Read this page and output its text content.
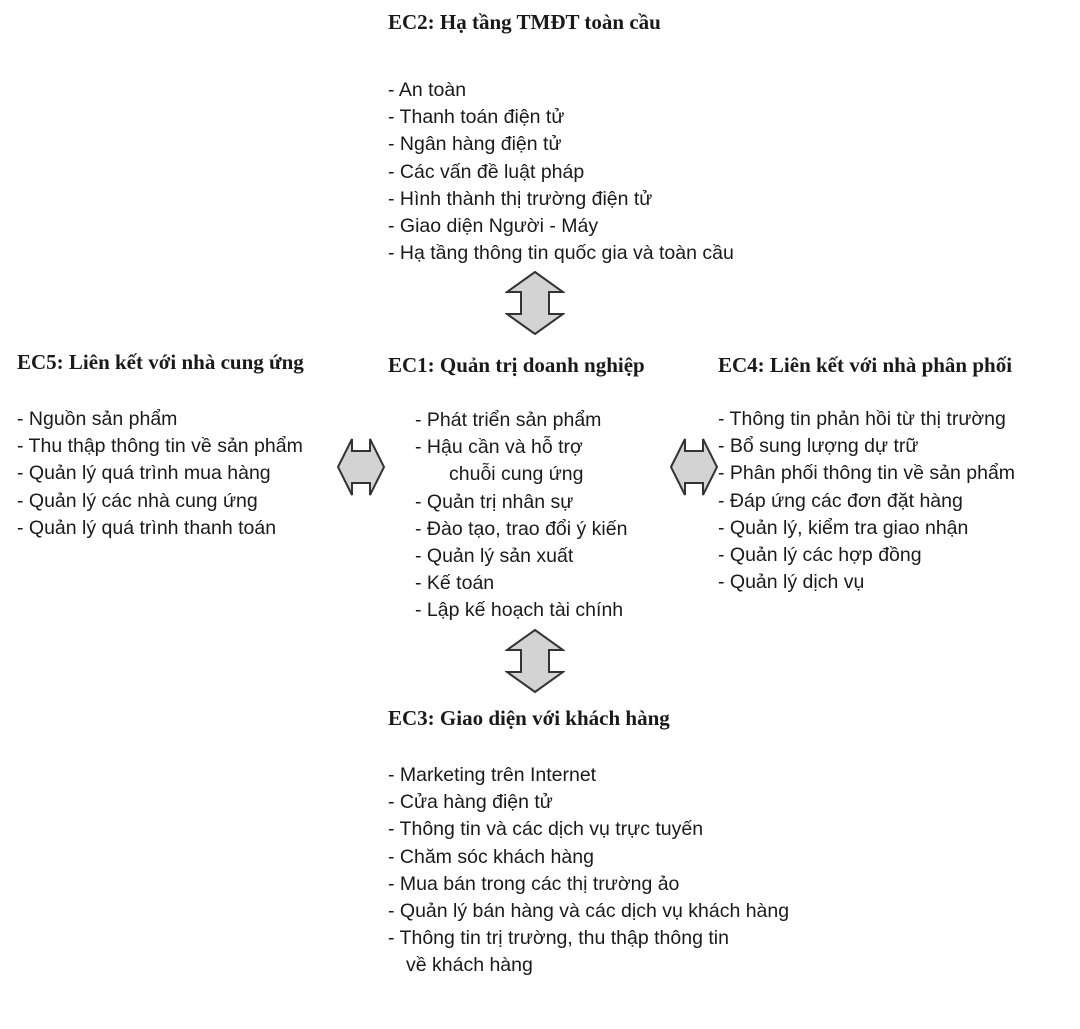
EC2: Hạ tầng TMĐT toàn cầu
- An toàn
- Thanh toán điện tử
- Ngân hàng điện tử
- Các vấn đề luật pháp
- Hình thành thị trường điện tử
- Giao diện Người - Máy
- Hạ tầng thông tin quốc gia và toàn cầu
EC5: Liên kết với nhà cung ứng
- Nguồn sản phẩm
- Thu thập thông tin về sản phẩm
- Quản lý quá trình mua hàng
- Quản lý các nhà cung ứng
- Quản lý quá trình thanh toán
EC1: Quản trị doanh nghiệp
- Phát triển sản phẩm
- Hậu cần và hỗ trợ
chuỗi cung ứng
- Quản trị nhân sự
- Đào tạo, trao đổi ý kiến
- Quản lý sản xuất
- Kế toán
- Lập kế hoạch tài chính
EC4: Liên kết với nhà phân phối
- Thông tin phản hồi từ thị trường
- Bổ sung lượng dự trữ
- Phân phối thông tin về sản phẩm
- Đáp ứng các đơn đặt hàng
- Quản lý, kiểm tra giao nhận
- Quản lý các hợp đồng
- Quản lý dịch vụ
EC3: Giao diện với khách hàng
- Marketing trên Internet
- Cửa hàng điện tử
- Thông tin và các dịch vụ trực tuyến
- Chăm sóc khách hàng
- Mua bán trong các thị trường ảo
- Quản lý bán hàng và các dịch vụ khách hàng
- Thông tin trị trường, thu thập thông tin
về khách hàng
